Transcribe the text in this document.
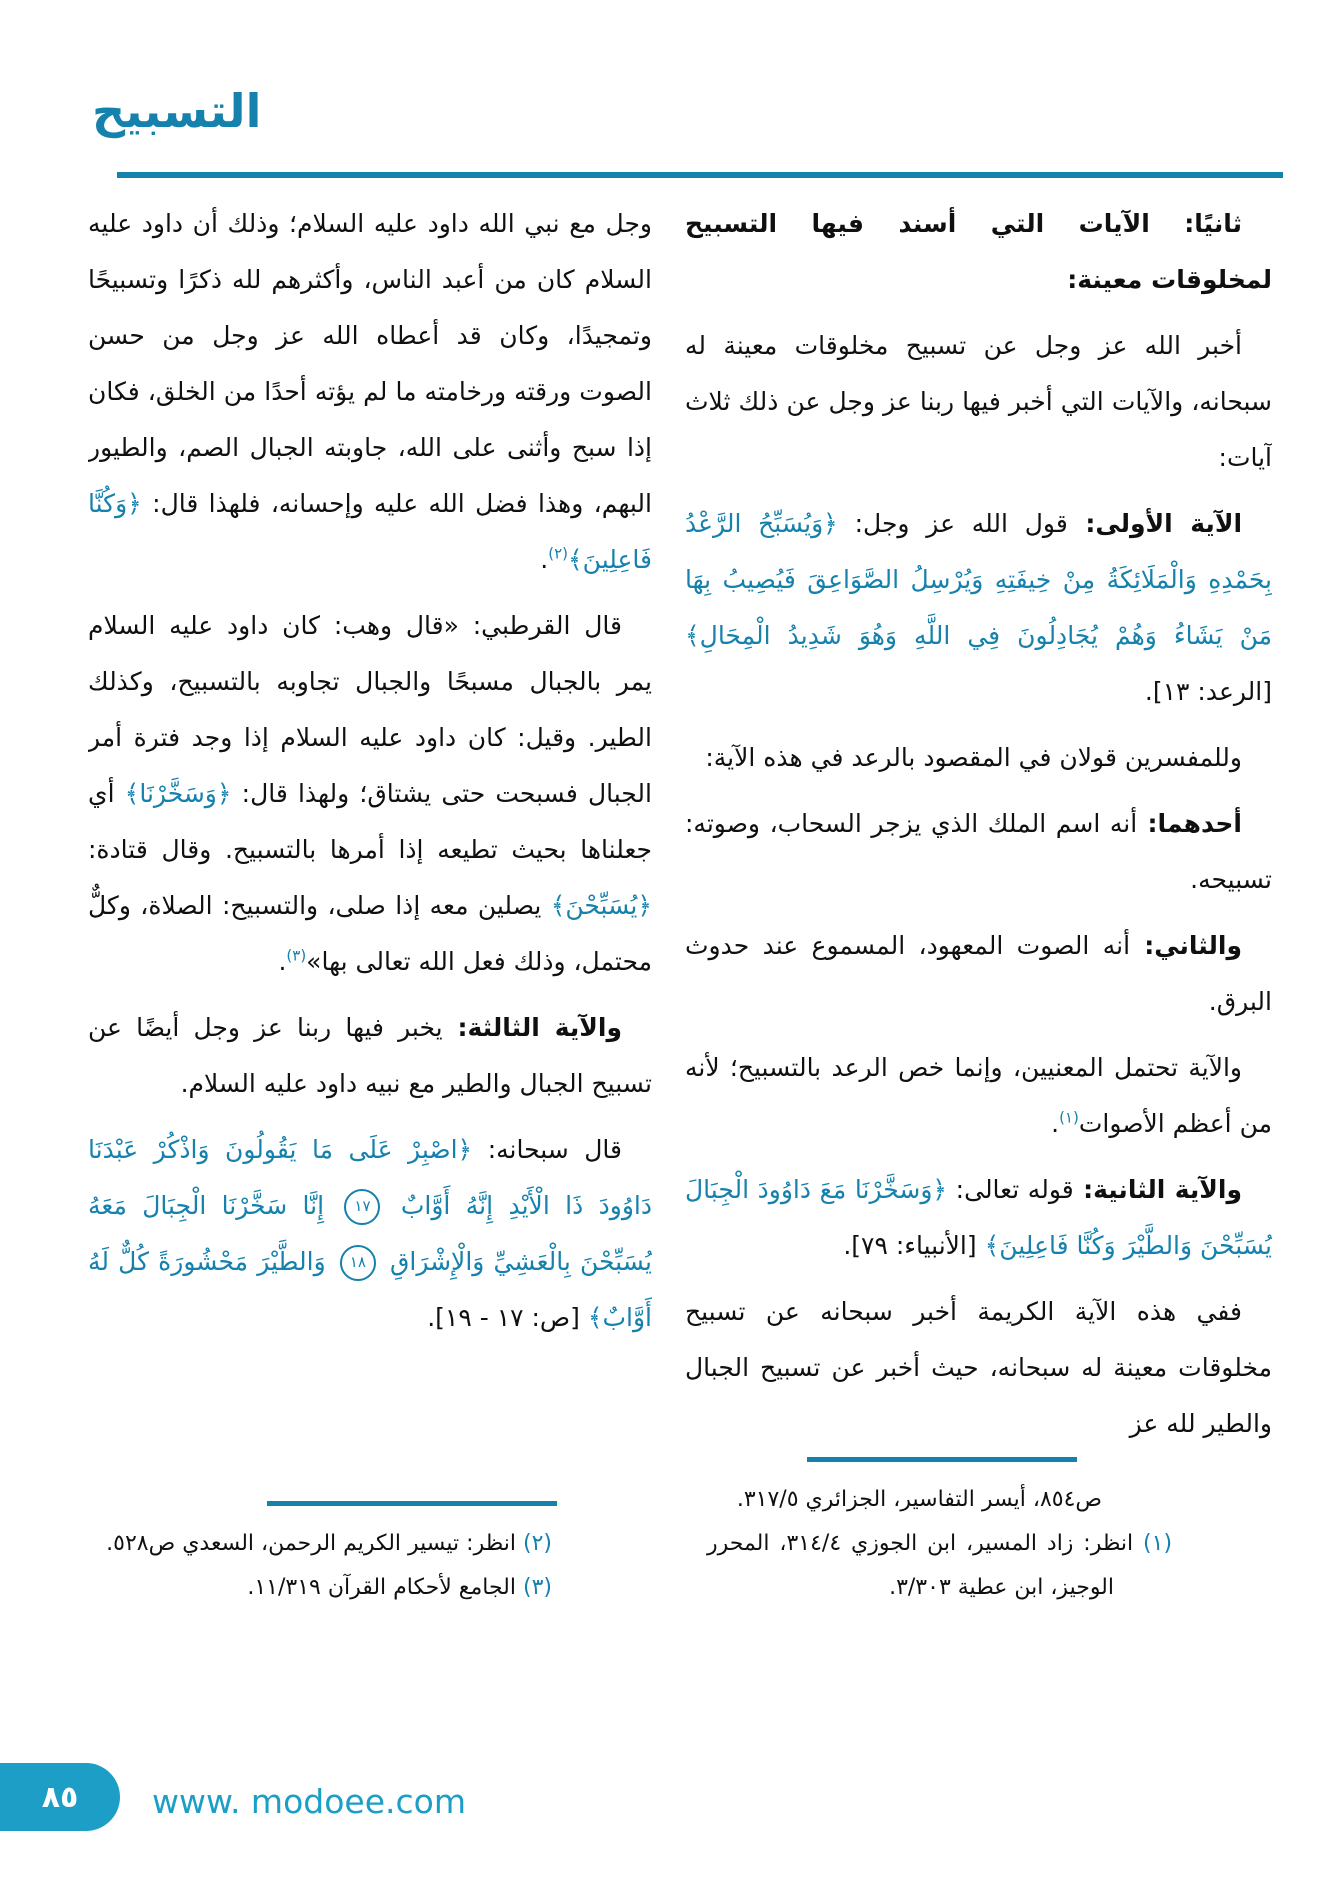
التسبيح

ثانيًا: الآيات التي أسند فيها التسبيح لمخلوقات معينة:

أخبر الله عز وجل عن تسبيح مخلوقات معينة له سبحانه، والآيات التي أخبر فيها ربنا عز وجل عن ذلك ثلاث آيات:

الآية الأولى: قول الله عز وجل: ﴿وَيُسَبِّحُ الرَّعْدُ بِحَمْدِهِ وَالْمَلَائِكَةُ مِنْ خِيفَتِهِ وَيُرْسِلُ الصَّوَاعِقَ فَيُصِيبُ بِهَا مَنْ يَشَاءُ وَهُمْ يُجَادِلُونَ فِي اللَّهِ وَهُوَ شَدِيدُ الْمِحَالِ﴾ [الرعد: ١٣].

وللمفسرين قولان في المقصود بالرعد في هذه الآية:

أحدهما: أنه اسم الملك الذي يزجر السحاب، وصوته: تسبيحه.

والثاني: أنه الصوت المعهود، المسموع عند حدوث البرق.

والآية تحتمل المعنيين، وإنما خص الرعد بالتسبيح؛ لأنه من أعظم الأصوات$^{(١)}$.

والآية الثانية: قوله تعالى: ﴿وَسَخَّرْنَا مَعَ دَاوُودَ الْجِبَالَ يُسَبِّحْنَ وَالطَّيْرَ وَكُنَّا فَاعِلِينَ﴾ [الأنبياء: ٧٩].

ففي هذه الآية الكريمة أخبر سبحانه عن تسبيح مخلوقات معينة له سبحانه، حيث أخبر عن تسبيح الجبال والطير لله عز

ص٨٥٤، أيسر التفاسير، الجزائري ٣١٧/٥.
(١) انظر: زاد المسير، ابن الجوزي ٣١٤/٤، المحرر الوجيز، ابن عطية ٣/٣٠٣.

وجل مع نبي الله داود عليه السلام؛ وذلك أن داود عليه السلام كان من أعبد الناس، وأكثرهم لله ذكرًا وتسبيحًا وتمجيدًا، وكان قد أعطاه الله عز وجل من حسن الصوت ورقته ورخامته ما لم يؤته أحدًا من الخلق، فكان إذا سبح وأثنى على الله، جاوبته الجبال الصم، والطيور البهم، وهذا فضل الله عليه وإحسانه، فلهذا قال: ﴿وَكُنَّا فَاعِلِينَ﴾$^{(٢)}$.

قال القرطبي: «قال وهب: كان داود عليه السلام يمر بالجبال مسبحًا والجبال تجاوبه بالتسبيح، وكذلك الطير. وقيل: كان داود عليه السلام إذا وجد فترة أمر الجبال فسبحت حتى يشتاق؛ ولهذا قال: ﴿وَسَخَّرْنَا﴾ أي جعلناها بحيث تطيعه إذا أمرها بالتسبيح. وقال قتادة: ﴿يُسَبِّحْنَ﴾ يصلين معه إذا صلى، والتسبيح: الصلاة، وكلٌّ محتمل، وذلك فعل الله تعالى بها»$^{(٣)}$.

والآية الثالثة: يخبر فيها ربنا عز وجل أيضًا عن تسبيح الجبال والطير مع نبيه داود عليه السلام.

قال سبحانه: ﴿اصْبِرْ عَلَى مَا يَقُولُونَ وَاذْكُرْ عَبْدَنَا دَاوُودَ ذَا الْأَيْدِ إِنَّهُ أَوَّابٌ ١٧ إِنَّا سَخَّرْنَا الْجِبَالَ مَعَهُ يُسَبِّحْنَ بِالْعَشِيِّ وَالْإِشْرَاقِ ١٨ وَالطَّيْرَ مَحْشُورَةً كُلٌّ لَهُ أَوَّابٌ﴾ [ص: ١٧ - ١٩].

(٢) انظر: تيسير الكريم الرحمن، السعدي ص٥٢٨.
(٣) الجامع لأحكام القرآن ١١/٣١٩.
٨٥ www. modoee.com
